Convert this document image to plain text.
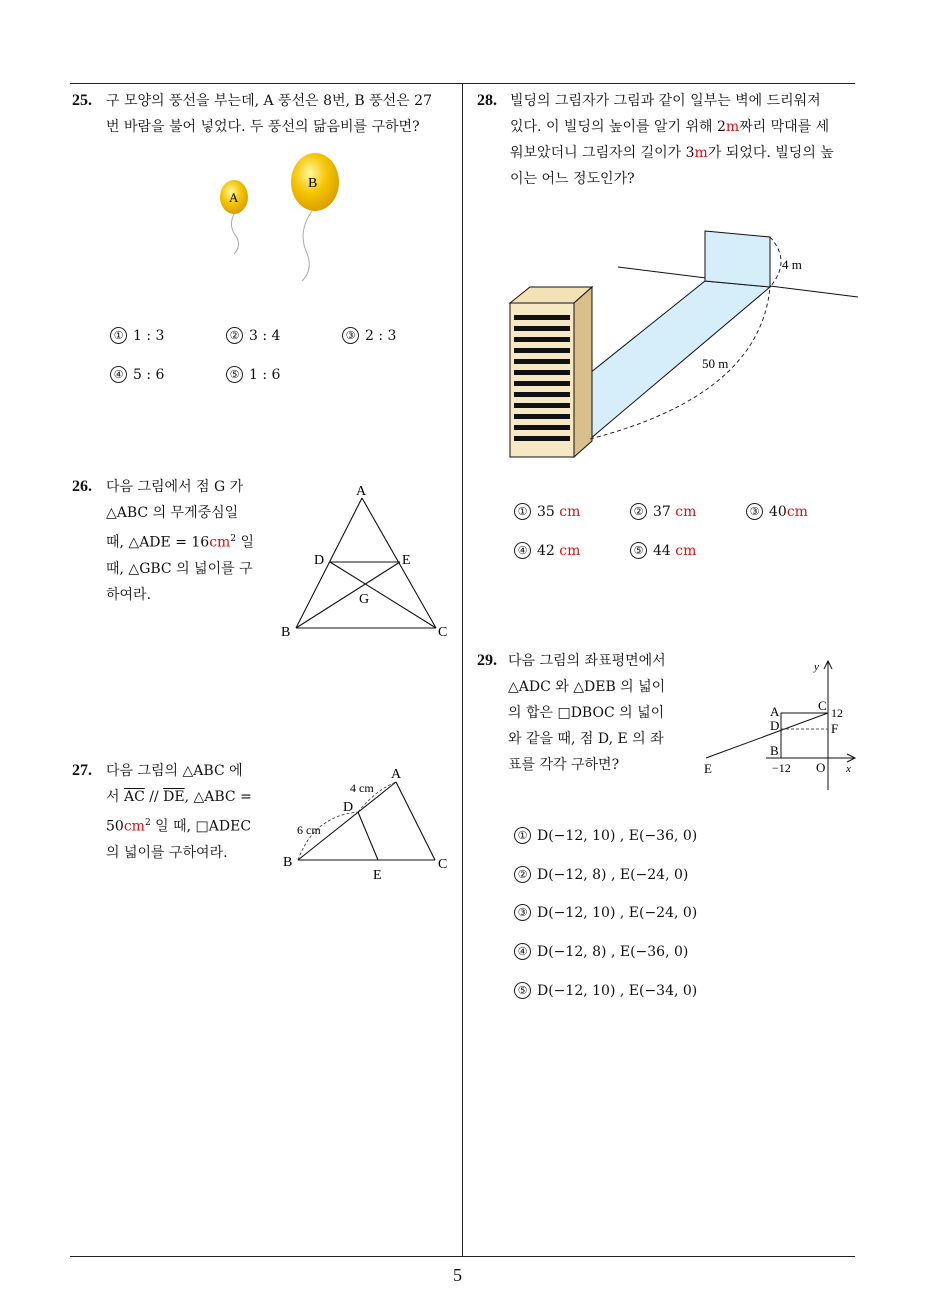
5
25. 구 모양의 풍선을 부는데, A 풍선은 8번, B 풍선은 27
번 바람을 불어 넣었다. 두 풍선의 닮음비를 구하면?
A
B
① 1 : 3	② 3 : 4	③ 2 : 3
④ 5 : 6	⑤ 1 : 6
26. 다음 그림에서 점 G 가
△ABC 의 무게중심일
때, △ADE = $16cm^2$ 일
때, △GBC 의 넓이를 구
하여라.
A
D	E
G
B	C
27. 다음 그림의 △ABC 에
서 $\overline{AC} // \overline{DE}$, △ABC =
$50cm^2$ 일 때, □ADEC
의 넓이를 구하여라.
A
4 cm
D
6 cm
B
E
C
28. 빌딩의 그림자가 그림과 같이 일부는 벽에 드리워져
있다. 이 빌딩의 높이를 알기 위해 2m짜리 막대를 세
워보았더니 그림자의 길이가 3m가 되었다. 빌딩의 높
이는 어느 정도인가?
4 m
50 m
① 35 cm	② 37 cm	③ 40cm
④ 42 cm	⑤ 44 cm
29. 다음 그림의 좌표평면에서
△ADC 와 △DEB 의 넓이
의 합은 □DBOC 의 넓이
와 같을 때, 점 D, E 의 좌
표를 각각 구하면?
y
x
A	C 12
D	F
B
−12 O
E
① D(−12, 10) , E(−36, 0)
② D(−12, 8) , E(−24, 0)
③ D(−12, 10) , E(−24, 0)
④ D(−12, 8) , E(−36, 0)
⑤ D(−12, 10) , E(−34, 0)
